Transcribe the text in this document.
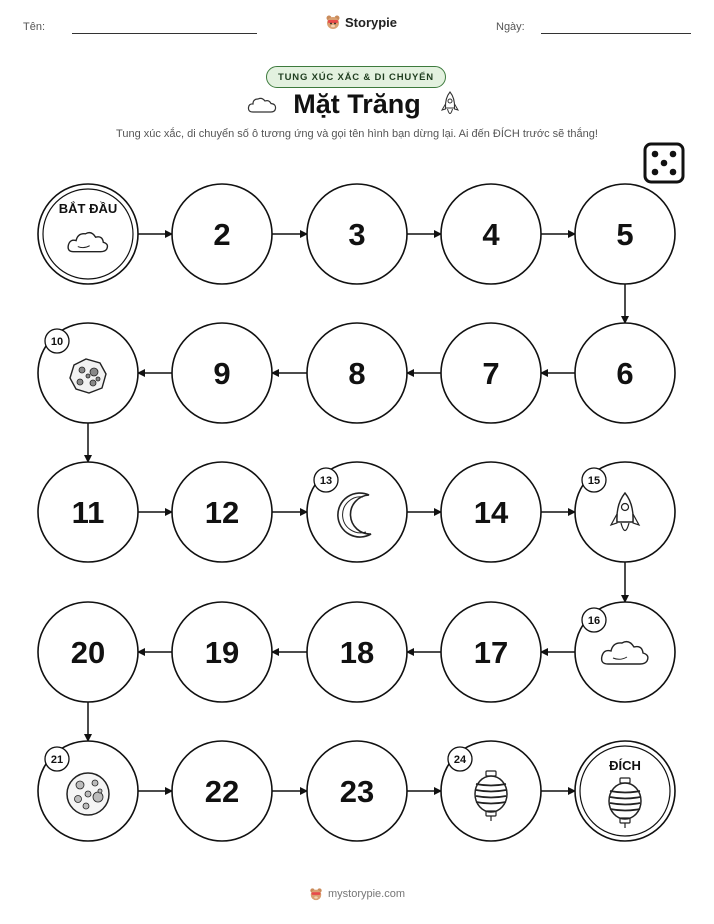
Tên:	Storypie	Ngày:
TUNG XÚC XẮC & DI CHUYỂN
Mặt Trăng
Tung xúc xắc, di chuyển số ô tương ứng và gọi tên hình bạn dừng lại. Ai đến ĐÍCH trước sẽ thắng!
BẮT ĐẦU
2	3	4	5
6
7
8
9
10
11	12
13
14
15
16
17
18
19
20
21
22	23
24	ĐÍCH
mystorypie.com
